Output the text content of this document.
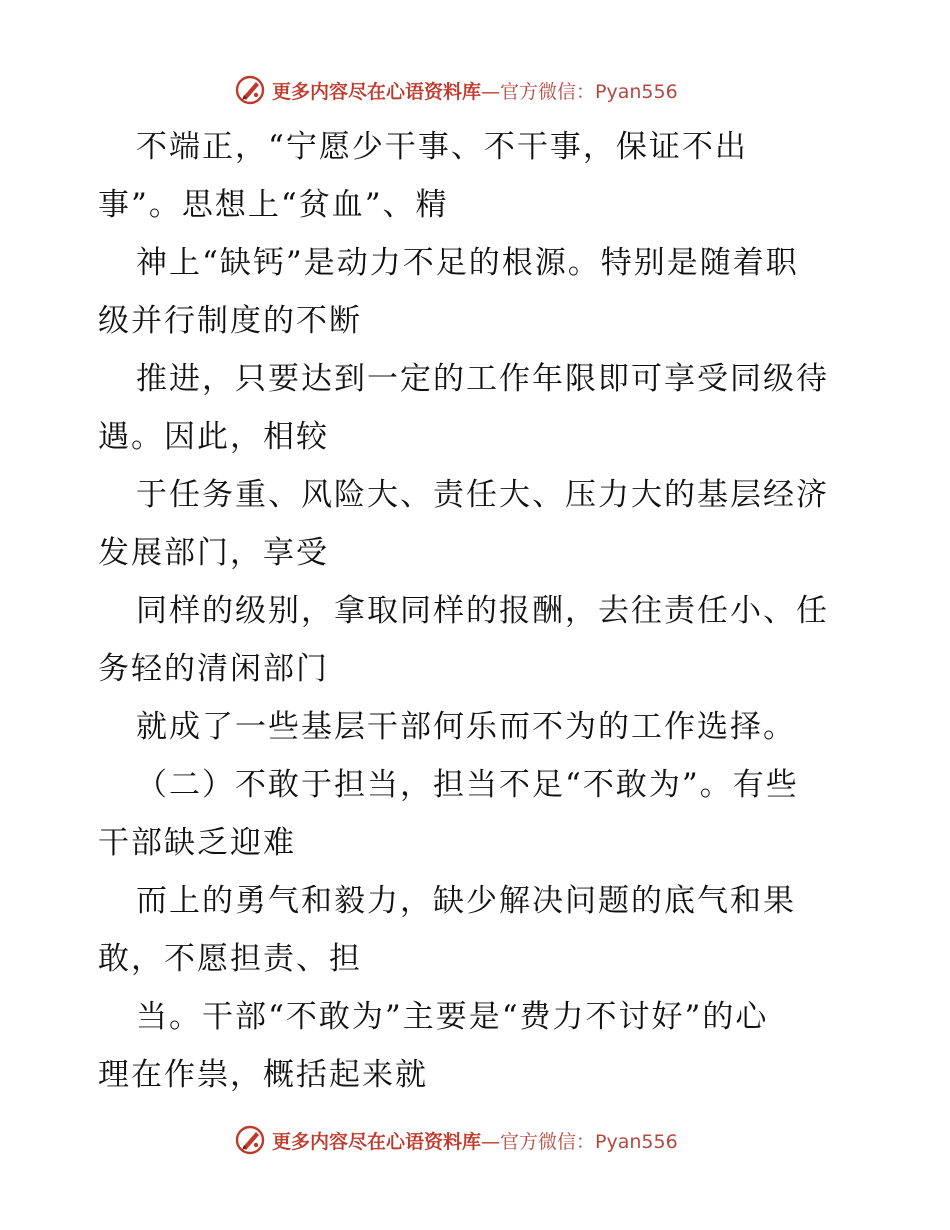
更多内容尽在心语资料库—官方微信：Pyan556
不端正，“宁愿少干事、不干事，保证不出
事”。思想上“贫血”、精
神上“缺钙”是动力不足的根源。特别是随着职
级并行制度的不断
推进，只要达到一定的工作年限即可享受同级待
遇。因此，相较
于任务重、风险大、责任大、压力大的基层经济
发展部门，享受
同样的级别，拿取同样的报酬，去往责任小、任
务轻的清闲部门
就成了一些基层干部何乐而不为的工作选择。
（二）不敢于担当，担当不足“不敢为”。有些
干部缺乏迎难
而上的勇气和毅力，缺少解决问题的底气和果
敢，不愿担责、担
当。干部“不敢为”主要是“费力不讨好”的心
理在作祟，概括起来就
更多内容尽在心语资料库—官方微信：Pyan556
